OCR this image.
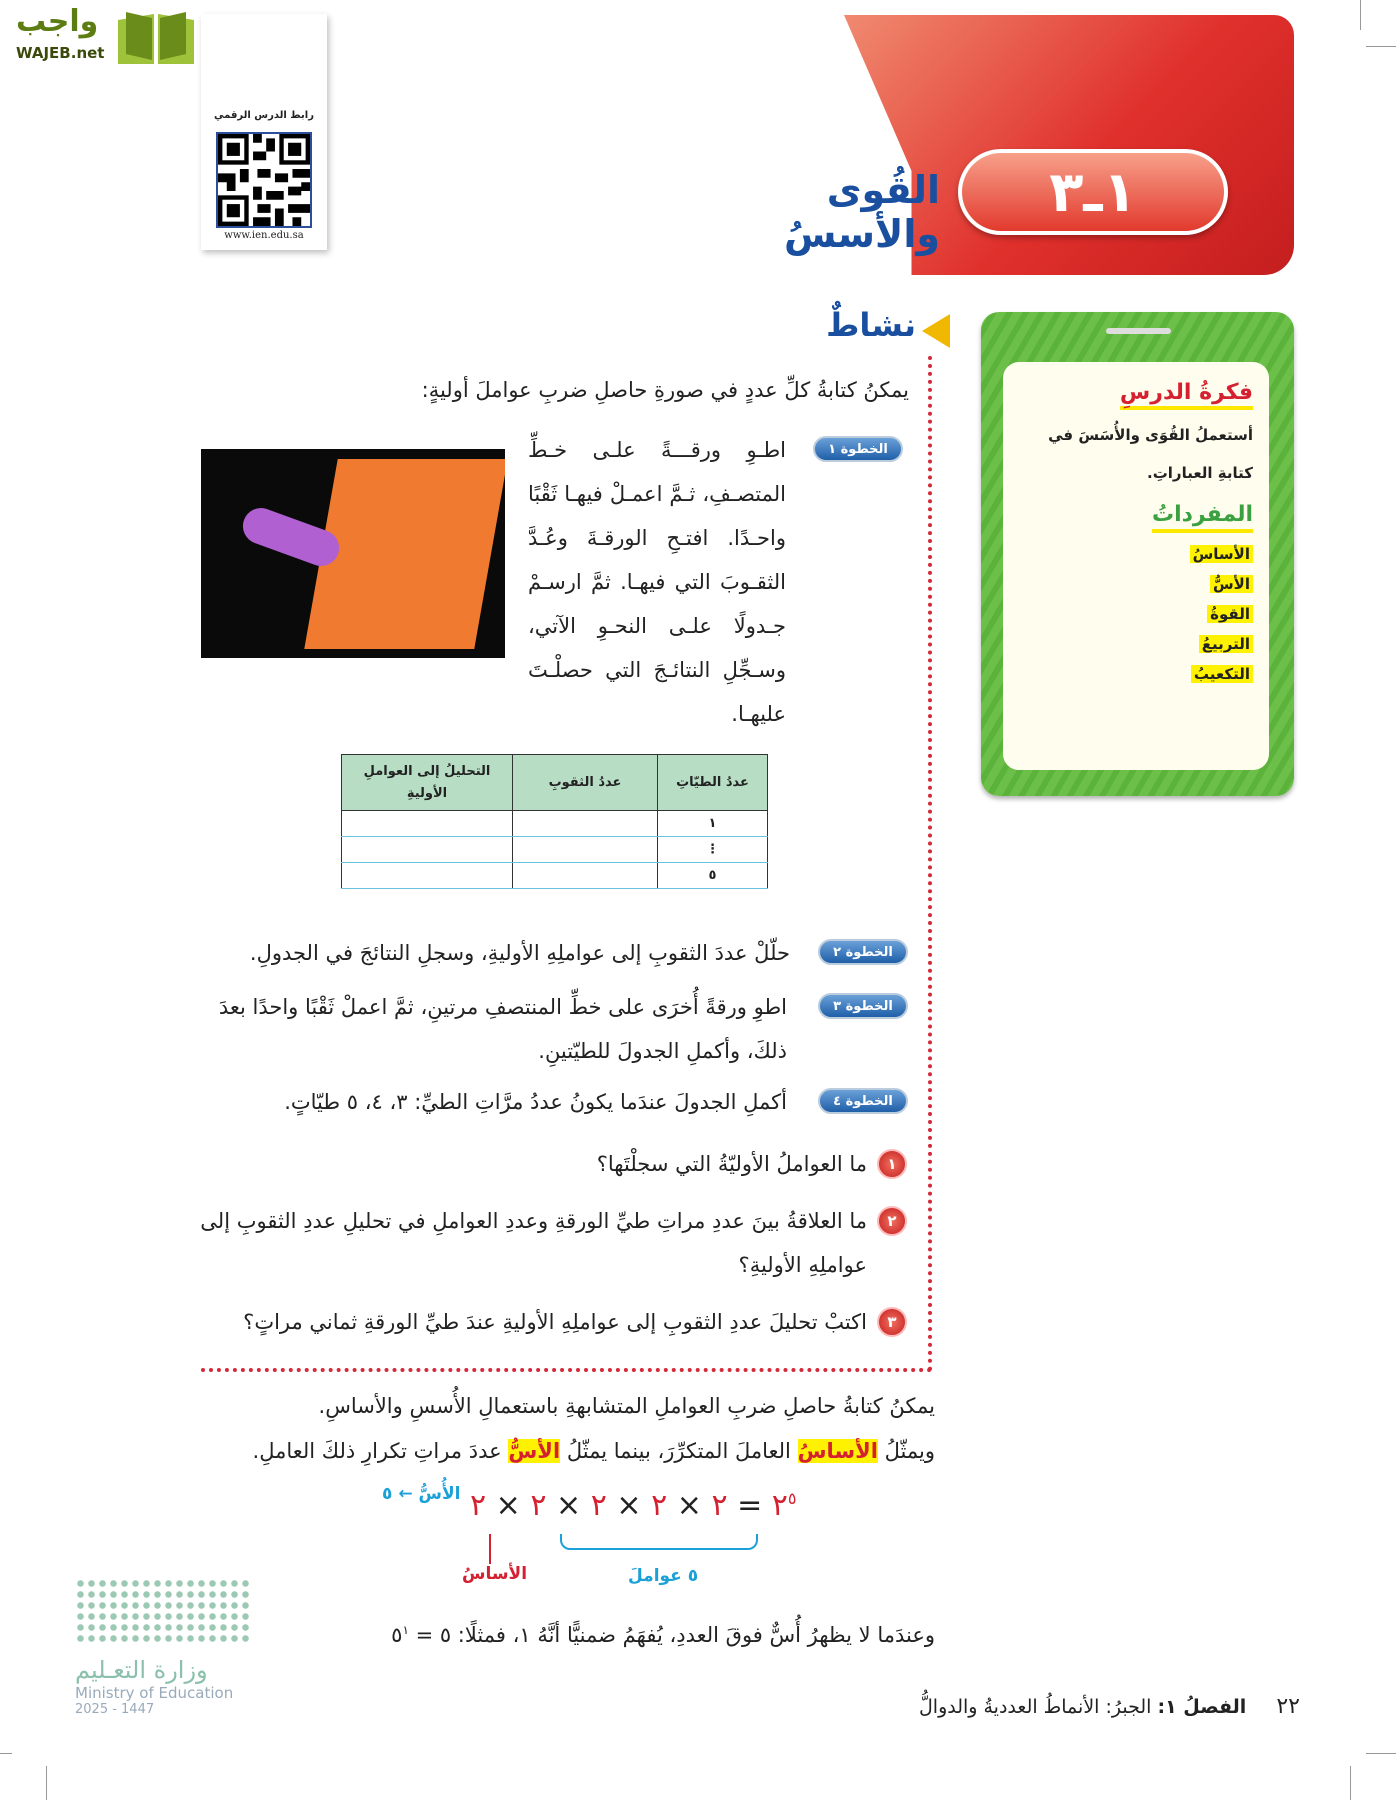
واجب
WAJEB.net
رابط الدرس الرقمي
www.ien.edu.sa
١ـ٣
القُوى والأسسُ
فكرةُ الدرسِ
أستعملُ القُوَى والأُسَسَ في كتابةِ العباراتِ.
المفرداتُ
الأساسُ
الأسُّ
القوةُ
التربيعُ
التكعيبُ
نشاطٌ
يمكنُ كتابةُ كلِّ عددٍ في صورةِ حاصلِ ضربِ عواملَ أوليةٍ:
الخطوة ١
اطـوِ ورقـــةً علـى خـطِّ المتصـفِ، ثـمَّ اعمـلْ فيهـا ثَقْبًا واحـدًا. افتـحِ الورقـةَ وعُـدَّ الثقـوبَ التي فيهـا. ثمَّ ارسـمْ جـدولًا علـى النحـوِ الآتي، وسـجِّلِ النتائـجَ التي حصلْـتَ عليهـا.
عددُ الطيّاتِ	عددُ الثقوبِ	التحليلُ إلى العواملِ الأوليةِ
١		
⋮		
٥		
الخطوة ٢
حلّلْ عددَ الثقوبِ إلى عواملِهِ الأوليةِ، وسجلِ النتائجَ في الجدولِ.
الخطوة ٣
اطوِ ورقةً أُخرَى على خطِّ المنتصفِ مرتينِ، ثمَّ اعملْ ثَقْبًا واحدًا بعدَ ذلكَ، وأكملِ الجدولَ للطيّتينِ.
الخطوة ٤
أكملِ الجدولَ عندَما يكونُ عددُ مرَّاتِ الطيِّ: ٣، ٤، ٥ طيّاتٍ.
١
ما العواملُ الأوليّةُ التي سجلْتَها؟
٢
ما العلاقةُ بينَ عددِ مراتِ طيِّ الورقةِ وعددِ العواملِ في تحليلِ عددِ الثقوبِ إلى عواملِهِ الأوليةِ؟
٣
اكتبْ تحليلَ عددِ الثقوبِ إلى عواملِهِ الأوليةِ عندَ طيِّ الورقةِ ثماني مراتٍ؟
يمكنُ كتابةُ حاصلِ ضربِ العواملِ المتشابهةِ باستعمالِ الأُسسِ والأساسِ.
ويمثّلُ الأساسُ العاملَ المتكرِّرَ، بينما يمثّلُ الأسُّ عددَ مراتِ تكرارِ ذلكَ العاملِ.
$٢^٥$ = ٢ × ٢ × ٢ × ٢ × ٢
الأُسُّ ← ٥
الأساسُ	٥ عواملَ
وعندَما لا يظهرُ أُسٌّ فوقَ العددِ، يُفهَمُ ضمنيًّا أنَّهُ ١، فمثلًا: ٥ = $٥^١$
وزارة التعـليم
Ministry of Education
2025 - 1447	٢٢ الفصلُ ١: الجبرُ: الأنماطُ العدديةُ والدوالُّ
